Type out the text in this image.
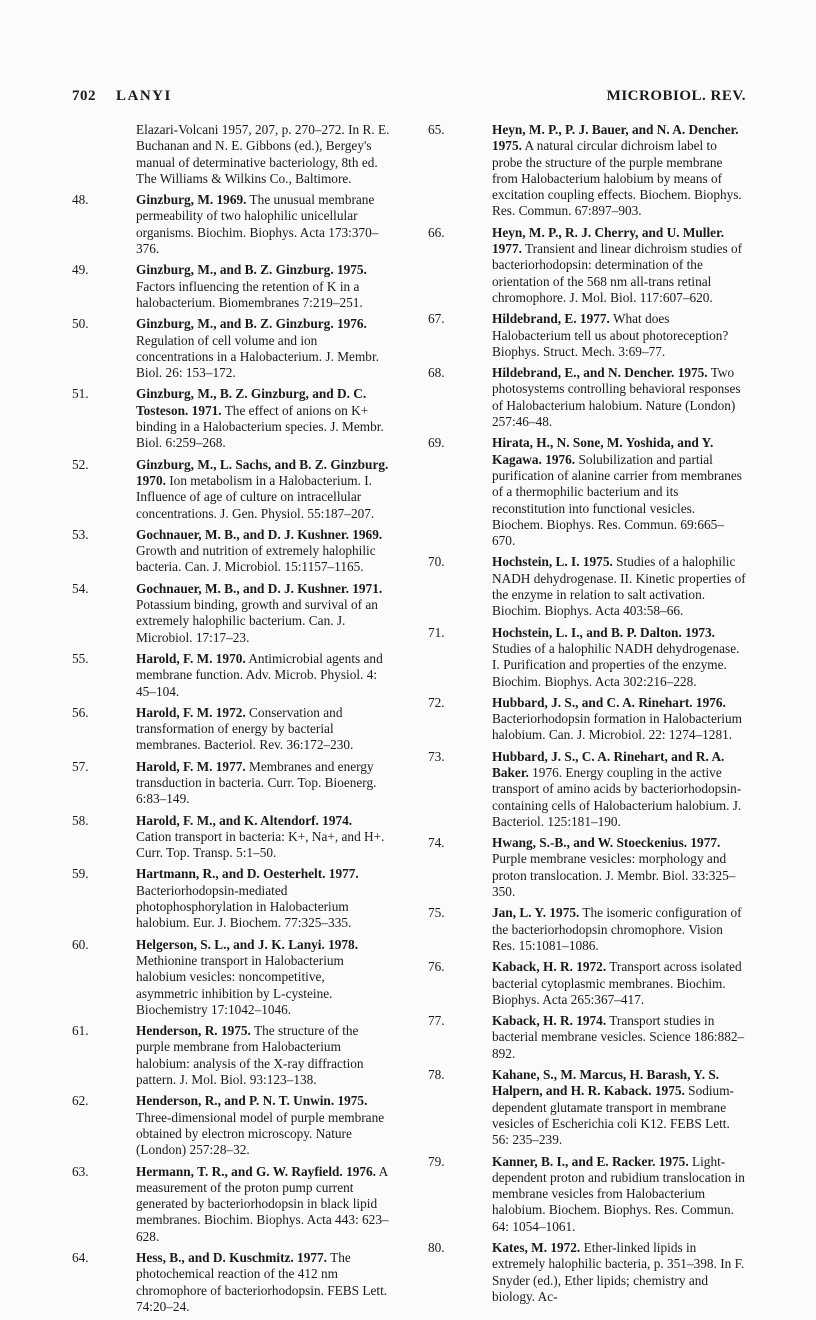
702 LANYI	MICROBIOL. REV.
Elazari-Volcani 1957, 207, p. 270–272. In R. E. Buchanan and N. E. Gibbons (ed.), Bergey's manual of determinative bacteriology, 8th ed. The Williams & Wilkins Co., Baltimore.
48.	Ginzburg, M. 1969. The unusual membrane permeability of two halophilic unicellular organisms. Biochim. Biophys. Acta 173:370–376.
49.	Ginzburg, M., and B. Z. Ginzburg. 1975.Factors influencing the retention of K in a halobacterium. Biomembranes 7:219–251.
50.	Ginzburg, M., and B. Z. Ginzburg. 1976.Regulation of cell volume and ion concentrations in a Halobacterium. J. Membr. Biol. 26: 153–172.
51.	Ginzburg, M., B. Z. Ginzburg, and D. C. Tosteson. 1971. The effect of anions on K+ binding in a Halobacterium species. J. Membr. Biol. 6:259–268.
52.	Ginzburg, M., L. Sachs, and B. Z. Ginzburg. 1970. Ion metabolism in a Halobacterium. I. Influence of age of culture on intracellular concentrations. J. Gen. Physiol. 55:187–207.
53.	Gochnauer, M. B., and D. J. Kushner. 1969.Growth and nutrition of extremely halophilic bacteria. Can. J. Microbiol. 15:1157–1165.
54.	Gochnauer, M. B., and D. J. Kushner. 1971.Potassium binding, growth and survival of an extremely halophilic bacterium. Can. J. Microbiol. 17:17–23.
55.	Harold, F. M. 1970. Antimicrobial agents and membrane function. Adv. Microb. Physiol. 4: 45–104.
56.	Harold, F. M. 1972. Conservation and transformation of energy by bacterial membranes. Bacteriol. Rev. 36:172–230.
57.	Harold, F. M. 1977. Membranes and energy transduction in bacteria. Curr. Top. Bioenerg. 6:83–149.
58.	Harold, F. M., and K. Altendorf. 1974.Cation transport in bacteria: K+, Na+, and H+. Curr. Top. Transp. 5:1–50.
59.	Hartmann, R., and D. Oesterhelt. 1977.Bacteriorhodopsin-mediated photophosphorylation in Halobacterium halobium. Eur. J. Biochem. 77:325–335.
60.	Helgerson, S. L., and J. K. Lanyi. 1978.Methionine transport in Halobacterium halobium vesicles: noncompetitive, asymmetric inhibition by L-cysteine. Biochemistry 17:1042–1046.
61.	Henderson, R. 1975. The structure of the purple membrane from Halobacterium halobium: analysis of the X-ray diffraction pattern. J. Mol. Biol. 93:123–138.
62.	Henderson, R., and P. N. T. Unwin. 1975.Three-dimensional model of purple membrane obtained by electron microscopy. Nature (London) 257:28–32.
63.	Hermann, T. R., and G. W. Rayfield. 1976. A measurement of the proton pump current generated by bacteriorhodopsin in black lipid membranes. Biochim. Biophys. Acta 443: 623–628.
64.	Hess, B., and D. Kuschmitz. 1977. The photochemical reaction of the 412 nm chromophore of bacteriorhodopsin. FEBS Lett. 74:20–24.
65.	Heyn, M. P., P. J. Bauer, and N. A. Dencher. 1975. A natural circular dichroism label to probe the structure of the purple membrane from Halobacterium halobium by means of excitation coupling effects. Biochem. Biophys. Res. Commun. 67:897–903.
66.	Heyn, M. P., R. J. Cherry, and U. Muller. 1977. Transient and linear dichroism studies of bacteriorhodopsin: determination of the orientation of the 568 nm all-trans retinal chromophore. J. Mol. Biol. 117:607–620.
67.	Hildebrand, E. 1977. What does Halobacterium tell us about photoreception? Biophys. Struct. Mech. 3:69–77.
68.	Hildebrand, E., and N. Dencher. 1975. Two photosystems controlling behavioral responses of Halobacterium halobium. Nature (London) 257:46–48.
69.	Hirata, H., N. Sone, M. Yoshida, and Y. Kagawa. 1976. Solubilization and partial purification of alanine carrier from membranes of a thermophilic bacterium and its reconstitution into functional vesicles. Biochem. Biophys. Res. Commun. 69:665–670.
70.	Hochstein, L. I. 1975. Studies of a halophilic NADH dehydrogenase. II. Kinetic properties of the enzyme in relation to salt activation. Biochim. Biophys. Acta 403:58–66.
71.	Hochstein, L. I., and B. P. Dalton. 1973.Studies of a halophilic NADH dehydrogenase. I. Purification and properties of the enzyme. Biochim. Biophys. Acta 302:216–228.
72.	Hubbard, J. S., and C. A. Rinehart. 1976.Bacteriorhodopsin formation in Halobacterium halobium. Can. J. Microbiol. 22: 1274–1281.
73.	Hubbard, J. S., C. A. Rinehart, and R. A. Baker. 1976. Energy coupling in the active transport of amino acids by bacteriorhodopsin-containing cells of Halobacterium halobium. J. Bacteriol. 125:181–190.
74.	Hwang, S.-B., and W. Stoeckenius. 1977.Purple membrane vesicles: morphology and proton translocation. J. Membr. Biol. 33:325–350.
75.	Jan, L. Y. 1975. The isomeric configuration of the bacteriorhodopsin chromophore. Vision Res. 15:1081–1086.
76.	Kaback, H. R. 1972. Transport across isolated bacterial cytoplasmic membranes. Biochim. Biophys. Acta 265:367–417.
77.	Kaback, H. R. 1974. Transport studies in bacterial membrane vesicles. Science 186:882–892.
78.	Kahane, S., M. Marcus, H. Barash, Y. S. Halpern, and H. R. Kaback. 1975. Sodium-dependent glutamate transport in membrane vesicles of Escherichia coli K12. FEBS Lett. 56: 235–239.
79.	Kanner, B. I., and E. Racker. 1975. Light-dependent proton and rubidium translocation in membrane vesicles from Halobacterium halobium. Biochem. Biophys. Res. Commun. 64: 1054–1061.
80.	Kates, M. 1972. Ether-linked lipids in extremely halophilic bacteria, p. 351–398. In F. Snyder (ed.), Ether lipids; chemistry and biology. Ac-
